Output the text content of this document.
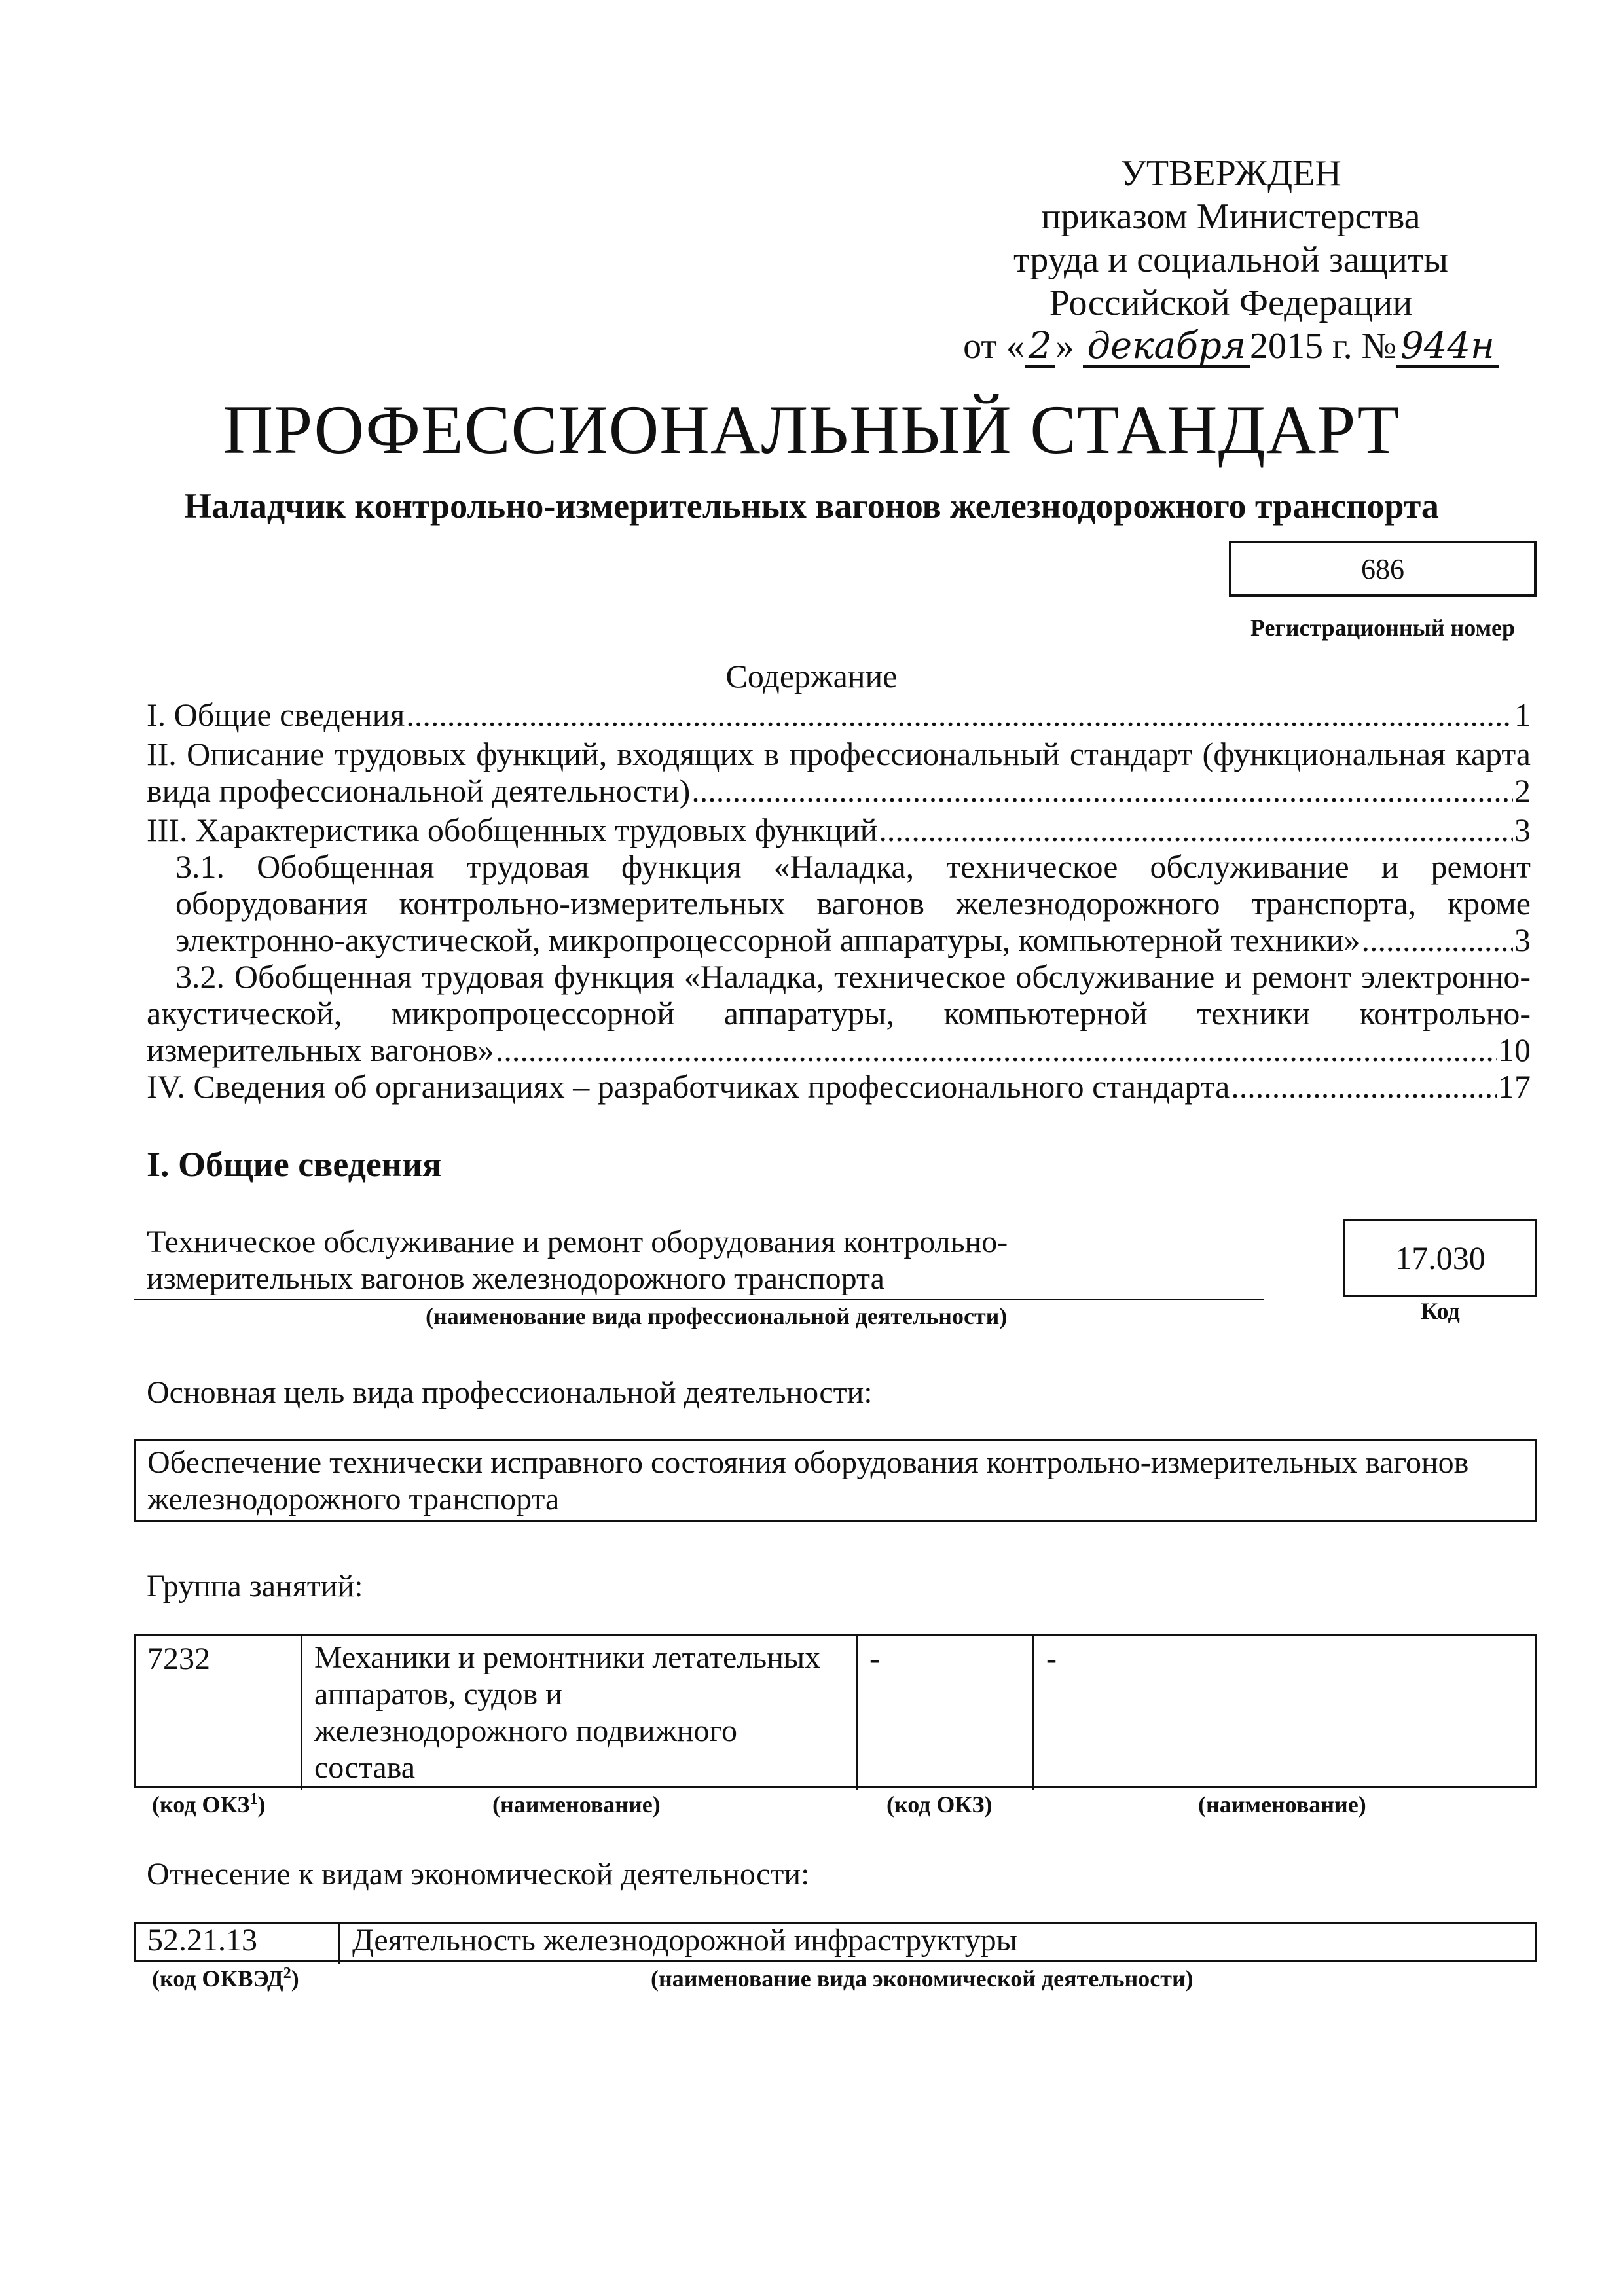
УТВЕРЖДЕН
приказом Министерства
труда и социальной защиты
Российской Федерации
от « 2 » декабря 2015 г. № 944н
ПРОФЕССИОНАЛЬНЫЙ СТАНДАРТ
Наладчик контрольно-измерительных вагонов железнодорожного транспорта
686
Регистрационный номер
Содержание
I. Общие сведения .....	1
II. Описание трудовых функций, входящих в профессиональный стандарт (функциональная карта
вида профессиональной деятельности) .....	2
III. Характеристика обобщенных трудовых функций .....	3
3.1. Обобщенная трудовая функция «Наладка, техническое обслуживание и ремонт
оборудования контрольно-измерительных вагонов железнодорожного транспорта, кроме
электронно-акустической, микропроцессорной аппаратуры, компьютерной техники» .....	3
3.2. Обобщенная трудовая функция «Наладка, техническое обслуживание и ремонт электронно-
акустической, микропроцессорной аппаратуры, компьютерной техники контрольно-
измерительных вагонов» .....	10
IV. Сведения об организациях – разработчиках профессионального стандарта .....	17
I. Общие сведения
Техническое обслуживание и ремонт оборудования контрольно-
измерительных вагонов железнодорожного транспорта
(наименование вида профессиональной деятельности)
17.030
Код
Основная цель вида профессиональной деятельности:
Обеспечение технически исправного состояния оборудования контрольно-измерительных вагонов
железнодорожного транспорта
Группа занятий:
7232	Механики и ремонтники летательных
аппаратов, судов и
железнодорожного подвижного
состава
-	-
(код ОКЗ$^1$)	(наименование)	(код ОКЗ)	(наименование)
Отнесение к видам экономической деятельности:
52.21.13	Деятельность железнодорожной инфраструктуры
(код ОКВЭД$^2$)	(наименование вида экономической деятельности)
